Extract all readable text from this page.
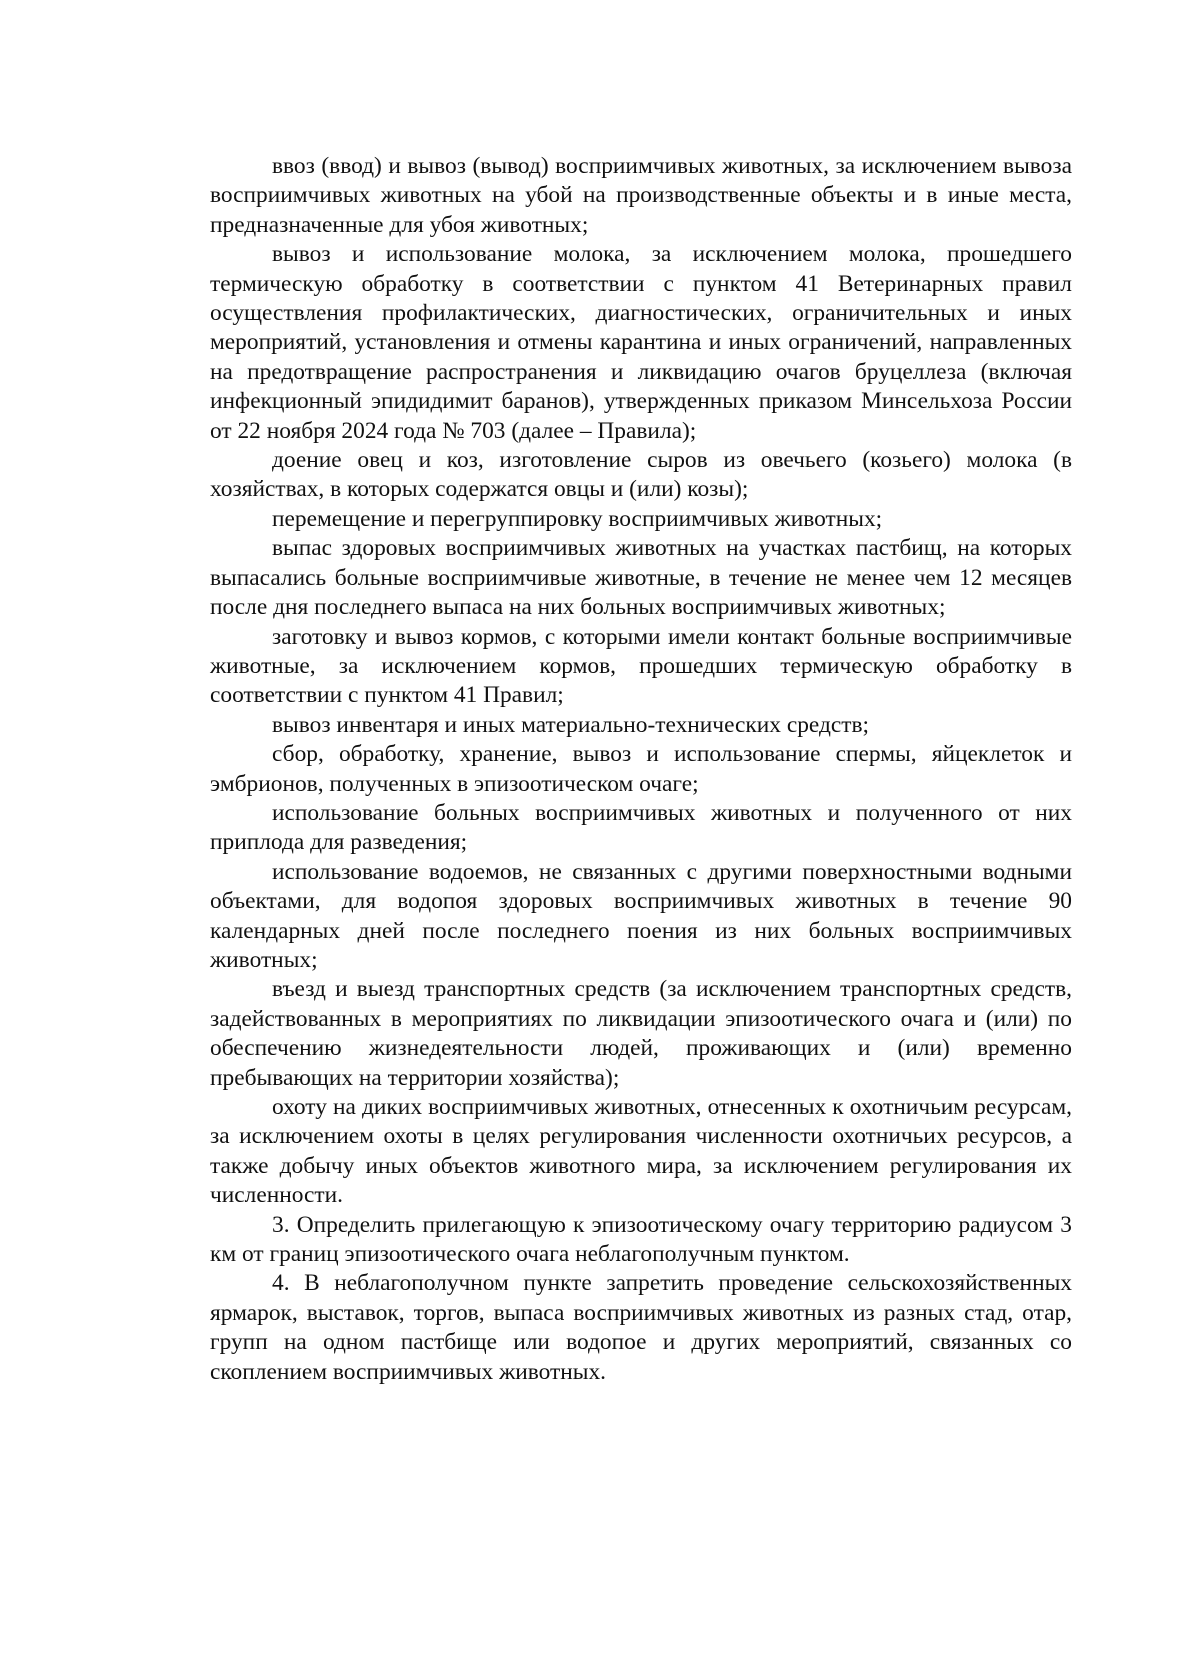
ввоз (ввод) и вывоз (вывод) восприимчивых животных, за исключением вывоза восприимчивых животных на убой на производственные объекты и в иные места, предназначенные для убоя животных;

вывоз и использование молока, за исключением молока, прошедшего термическую обработку в соответствии с пунктом 41 Ветеринарных правил осуществления профилактических, диагностических, ограничительных и иных мероприятий, установления и отмены карантина и иных ограничений, направленных на предотвращение распространения и ликвидацию очагов бруцеллеза (включая инфекционный эпидидимит баранов), утвержденных приказом Минсельхоза России от 22 ноября 2024 года № 703 (далее – Правила);

доение овец и коз, изготовление сыров из овечьего (козьего) молока (в хозяйствах, в которых содержатся овцы и (или) козы);

перемещение и перегруппировку восприимчивых животных;

выпас здоровых восприимчивых животных на участках пастбищ, на которых выпасались больные восприимчивые животные, в течение не менее чем 12 месяцев после дня последнего выпаса на них больных восприимчивых животных;

заготовку и вывоз кормов, с которыми имели контакт больные восприимчивые животные, за исключением кормов, прошедших термическую обработку в соответствии с пунктом 41 Правил;

вывоз инвентаря и иных материально-технических средств;

сбор, обработку, хранение, вывоз и использование спермы, яйцеклеток и эмбрионов, полученных в эпизоотическом очаге;

использование больных восприимчивых животных и полученного от них приплода для разведения;

использование водоемов, не связанных с другими поверхностными водными объектами, для водопоя здоровых восприимчивых животных в течение 90 календарных дней после последнего поения из них больных восприимчивых животных;

въезд и выезд транспортных средств (за исключением транспортных средств, задействованных в мероприятиях по ликвидации эпизоотического очага и (или) по обеспечению жизнедеятельности людей, проживающих и (или) временно пребывающих на территории хозяйства);

охоту на диких восприимчивых животных, отнесенных к охотничьим ресурсам, за исключением охоты в целях регулирования численности охотничьих ресурсов, а также добычу иных объектов животного мира, за исключением регулирования их численности.

3. Определить прилегающую к эпизоотическому очагу территорию радиусом 3 км от границ эпизоотического очага неблагополучным пунктом.

4. В неблагополучном пункте запретить проведение сельскохозяйственных ярмарок, выставок, торгов, выпаса восприимчивых животных из разных стад, отар, групп на одном пастбище или водопое и других мероприятий, связанных со скоплением восприимчивых животных.
